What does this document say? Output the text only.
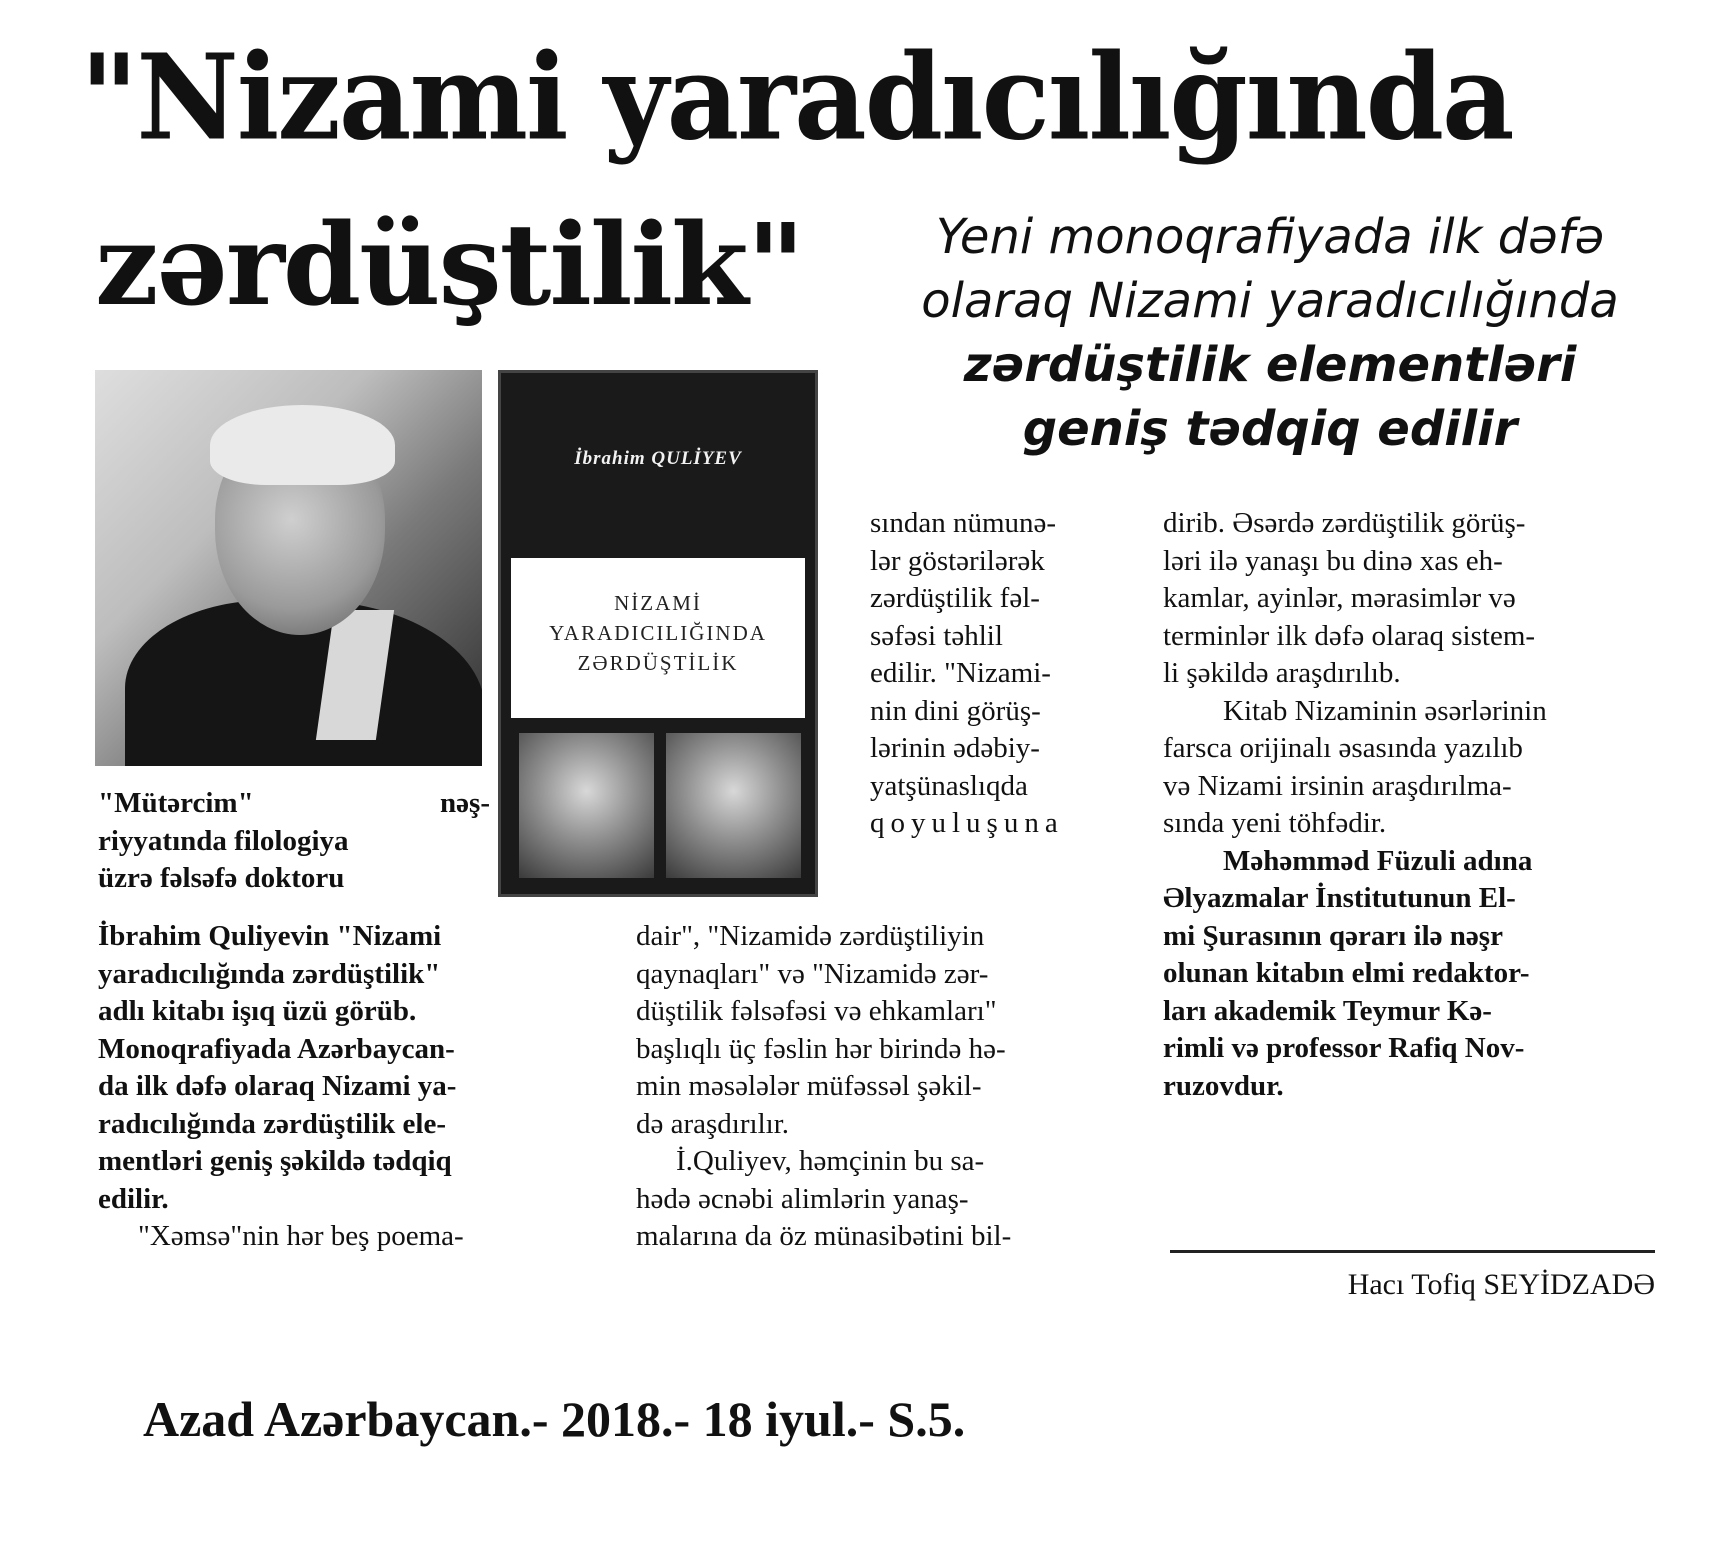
"Nizami yaradıcılığında
zərdüştilik"	Yeni monoqrafiyada ilk dəfə
olaraq Nizami yaradıcılığında
zərdüştilik elementləri
geniş tədqiq edilir
İbrahim QULİYEV
NİZAMİ
YARADICILIĞINDA
ZƏRDÜŞTİLİK
"Mütərcim"	nəş-
riyyatında filologiya
üzrə fəlsəfə doktoru
İbrahim Quliyevin "Nizami
yaradıcılığında zərdüştilik"
adlı kitabı işıq üzü görüb.
Monoqrafiyada Azərbaycan-
da ilk dəfə olaraq Nizami ya-
radıcılığında zərdüştilik ele-
mentləri geniş şəkildə tədqiq
edilir.
"Xəmsə"nin hər beş poema-
sından nümunə-
lər göstərilərək
zərdüştilik fəl-
səfəsi təhlil
edilir. "Nizami-
nin dini görüş-
lərinin ədəbiy-
yatşünaslıqda
qoyuluşuna
dair", "Nizamidə zərdüştiliyin
qaynaqları" və "Nizamidə zər-
düştilik fəlsəfəsi və ehkamları"
başlıqlı üç fəslin hər birində hə-
min məsələlər müfəssəl şəkil-
də araşdırılır.
İ.Quliyev, həmçinin bu sa-
hədə əcnəbi alimlərin yanaş-
malarına da öz münasibətini bil-
dirib. Əsərdə zərdüştilik görüş-
ləri ilə yanaşı bu dinə xas eh-
kamlar, ayinlər, mərasimlər və
terminlər ilk dəfə olaraq sistem-
li şəkildə araşdırılıb.
Kitab Nizaminin əsərlərinin
farsca orijinalı əsasında yazılıb
və Nizami irsinin araşdırılma-
sında yeni töhfədir.
Məhəmməd Füzuli adına
Əlyazmalar İnstitutunun El-
mi Şurasının qərarı ilə nəşr
olunan kitabın elmi redaktor-
ları akademik Teymur Kə-
rimli və professor Rafiq Nov-
ruzovdur.
Hacı Tofiq SEYİDZADƏ
Azad Azərbaycan.- 2018.- 18 iyul.- S.5.
